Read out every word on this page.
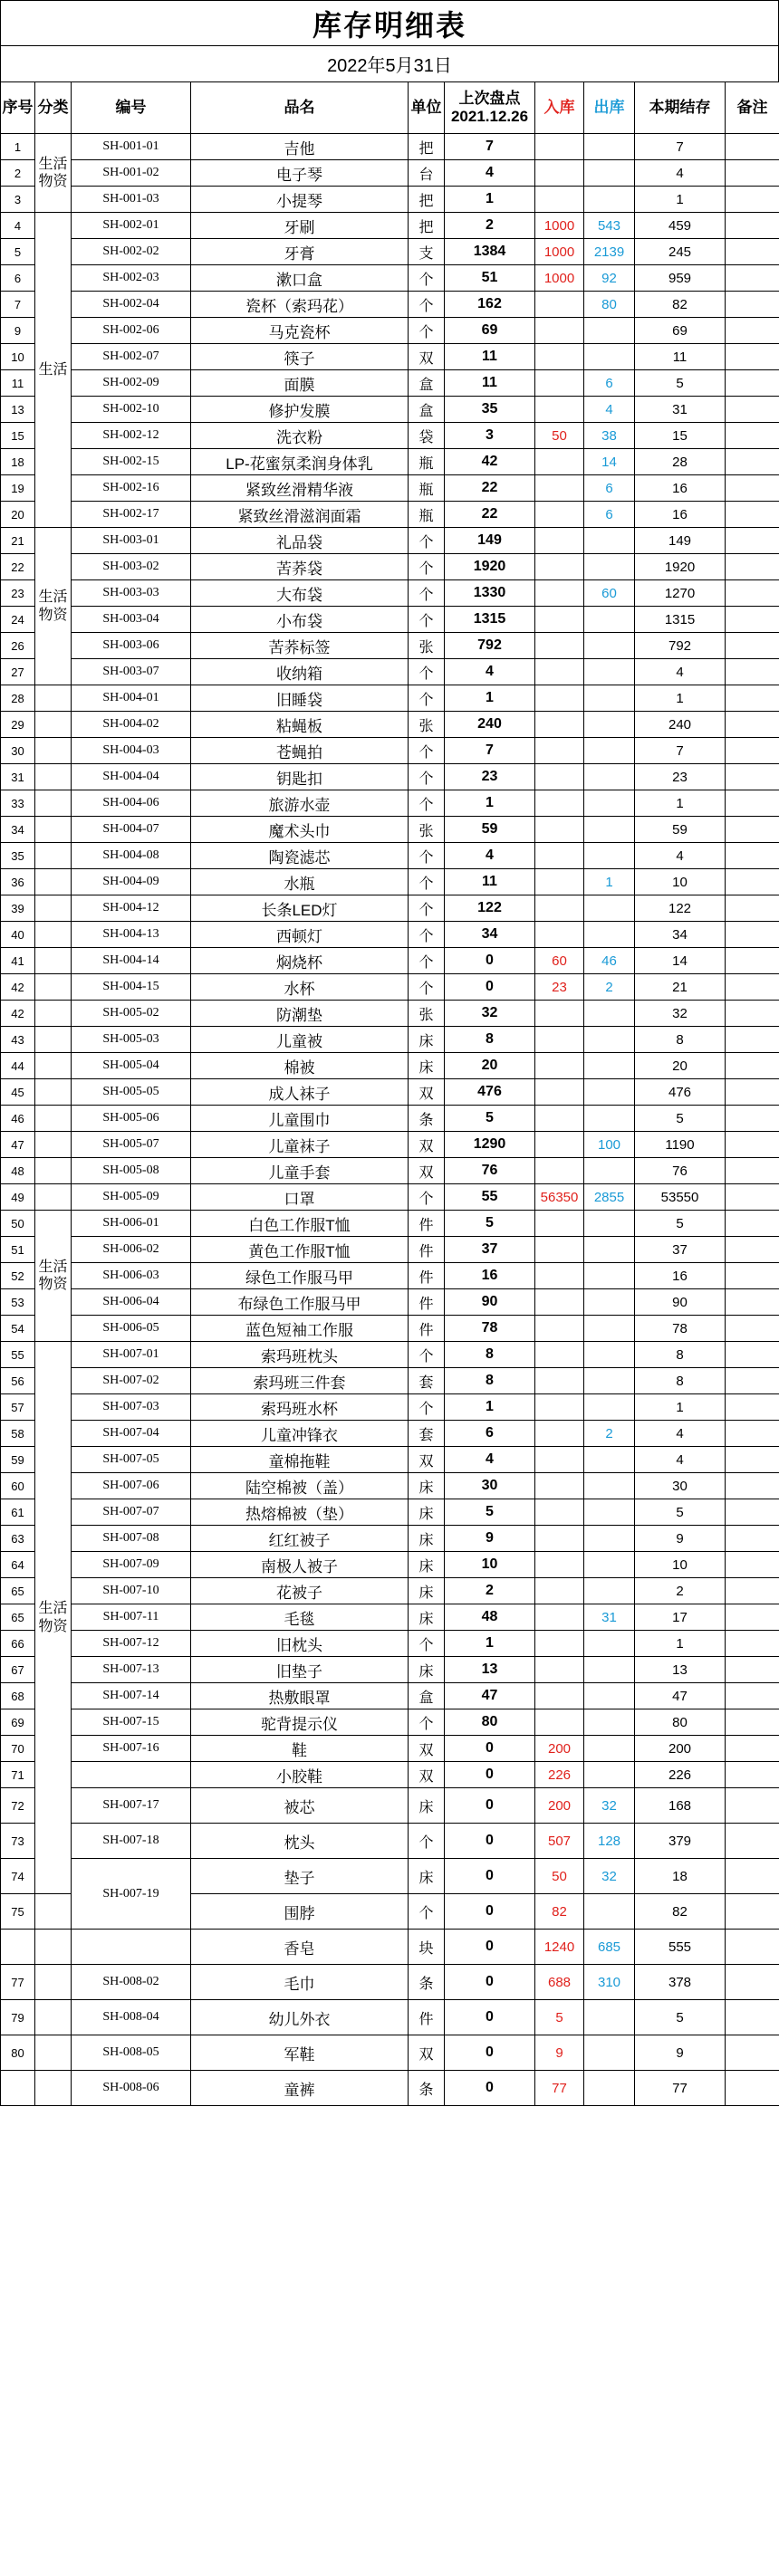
库存明细表
2022年5月31日
序号	分类	编号	品名	单位	上次盘点
2021.12.26	入库	出库	本期结存	备注
1	生活物资	SH-001-01	吉他	把	7			7	
2		SH-001-02	电子琴	台	4			4	
3		SH-001-03	小提琴	把	1			1	
4	生活	SH-002-01	牙刷	把	2	1000	543	459	
5		SH-002-02	牙膏	支	1384	1000	2139	245	
6		SH-002-03	漱口盒	个	51	1000	92	959	
7		SH-002-04	瓷杯（索玛花）	个	162		80	82	
9		SH-002-06	马克瓷杯	个	69			69	
10		SH-002-07	筷子	双	11			11	
11		SH-002-09	面膜	盒	11		6	5	
13		SH-002-10	修护发膜	盒	35		4	31	
15		SH-002-12	洗衣粉	袋	3	50	38	15	
18		SH-002-15	LP-花蜜氛柔润身体乳	瓶	42		14	28	
19		SH-002-16	紧致丝滑精华液	瓶	22		6	16	
20		SH-002-17	紧致丝滑滋润面霜	瓶	22		6	16	
21	生活物资	SH-003-01	礼品袋	个	149			149	
22		SH-003-02	苦荞袋	个	1920			1920	
23		SH-003-03	大布袋	个	1330		60	1270	
24		SH-003-04	小布袋	个	1315			1315	
26		SH-003-06	苦荞标签	张	792			792	
27		SH-003-07	收纳箱	个	4			4	
28		SH-004-01	旧睡袋	个	1			1	
29		SH-004-02	粘蝇板	张	240			240	
30		SH-004-03	苍蝇拍	个	7			7	
31		SH-004-04	钥匙扣	个	23			23	
33		SH-004-06	旅游水壶	个	1			1	
34		SH-004-07	魔术头巾	张	59			59	
35		SH-004-08	陶瓷滤芯	个	4			4	
36		SH-004-09	水瓶	个	11		1	10	
39		SH-004-12	长条LED灯	个	122			122	
40		SH-004-13	西顿灯	个	34			34	
41		SH-004-14	焖烧杯	个	0	60	46	14	
42		SH-004-15	水杯	个	0	23	2	21	
42		SH-005-02	防潮垫	张	32			32	
43		SH-005-03	儿童被	床	8			8	
44		SH-005-04	棉被	床	20			20	
45		SH-005-05	成人袜子	双	476			476	
46		SH-005-06	儿童围巾	条	5			5	
47		SH-005-07	儿童袜子	双	1290		100	1190	
48		SH-005-08	儿童手套	双	76			76	
49		SH-005-09	口罩	个	55	56350	2855	53550	
50	生活物资	SH-006-01	白色工作服T恤	件	5			5	
51		SH-006-02	黄色工作服T恤	件	37			37	
52		SH-006-03	绿色工作服马甲	件	16			16	
53		SH-006-04	布绿色工作服马甲	件	90			90	
54		SH-006-05	蓝色短袖工作服	件	78			78	
55	生活物资	SH-007-01	索玛班枕头	个	8			8	
56		SH-007-02	索玛班三件套	套	8			8	
57		SH-007-03	索玛班水杯	个	1			1	
58		SH-007-04	儿童冲锋衣	套	6		2	4	
59		SH-007-05	童棉拖鞋	双	4			4	
60		SH-007-06	陆空棉被（盖）	床	30			30	
61		SH-007-07	热熔棉被（垫）	床	5			5	
63		SH-007-08	红红被子	床	9			9	
64		SH-007-09	南极人被子	床	10			10	
65		SH-007-10	花被子	床	2			2	
65		SH-007-11	毛毯	床	48		31	17	
66		SH-007-12	旧枕头	个	1			1	
67		SH-007-13	旧垫子	床	13			13	
68		SH-007-14	热敷眼罩	盒	47			47	
69		SH-007-15	驼背提示仪	个	80			80	
70		SH-007-16	鞋	双	0	200		200	
71			小胶鞋	双	0	226		226	
72		SH-007-17	被芯	床	0	200	32	168	
73		SH-007-18	枕头	个	0	507	128	379	
74		SH-007-19	垫子	床	0	50	32	18	
75			围脖	个	0	82		82	
			香皂	块	0	1240	685	555	
77		SH-008-02	毛巾	条	0	688	310	378	
79		SH-008-04	幼儿外衣	件	0	5		5	
80		SH-008-05	军鞋	双	0	9		9	
		SH-008-06	童裤	条	0	77		77	
